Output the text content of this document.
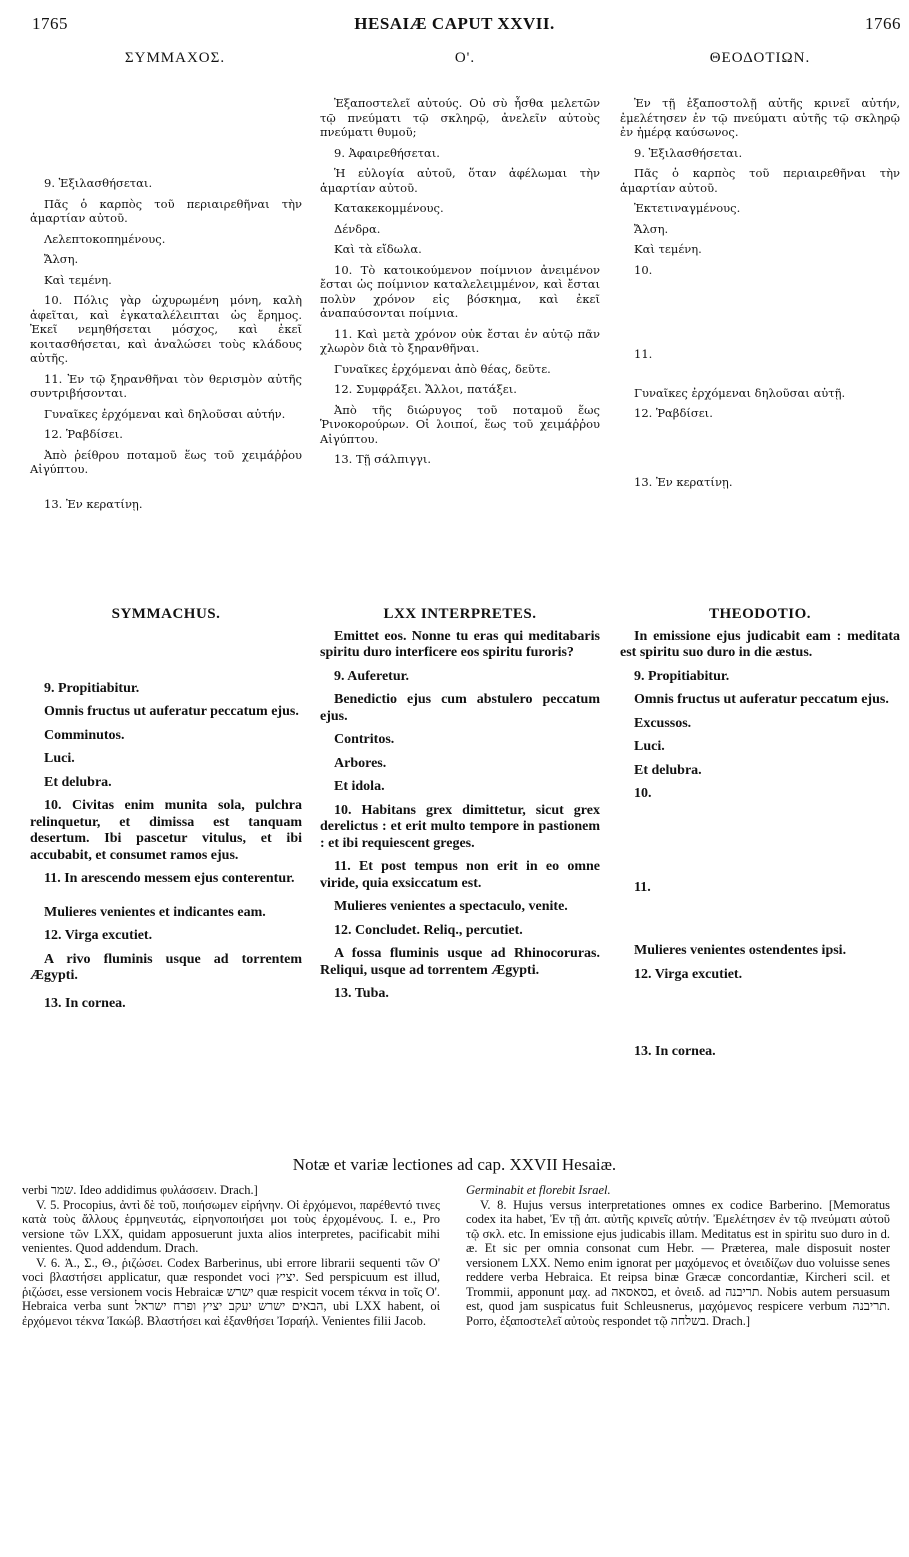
1765	HESAIÆ CAPUT XXVII.	1766
ΣΥΜΜΑΧΟΣ.	Ο'.	ΘΕΟΔΟΤΙΩΝ.

9. Ἐξιλασθήσεται.

Πᾶς ὁ καρπὸς τοῦ περιαιρεθῆναι τὴν ἁμαρτίαν αὐτοῦ.

Λελεπτοκοπημένους.

Ἄλση.

Καὶ τεμένη.

10. Πόλις γὰρ ὠχυρωμένη μόνη, καλὴ ἀφεῖται, καὶ ἐγκαταλέλειπται ὡς ἔρημος. Ἐκεῖ νεμηθήσεται μόσχος, καὶ ἐκεῖ κοιτασθήσεται, καὶ ἀναλώσει τοὺς κλάδους αὐτῆς.

11. Ἐν τῷ ξηρανθῆναι τὸν θερισμὸν αὐτῆς συντριβήσονται.

Γυναῖκες ἐρχόμεναι καὶ δηλοῦσαι αὐτήν.

12. Ῥαβδίσει.

Ἀπὸ ῥείθρου ποταμοῦ ἕως τοῦ χειμάῤῥου Αἰγύπτου.

13. Ἐν κερατίνῃ.

Ἐξαποστελεῖ αὐτούς. Οὐ σὺ ἦσθα μελετῶν τῷ πνεύματι τῷ σκληρῷ, ἀνελεῖν αὐτοὺς πνεύματι θυμοῦ;

9. Ἀφαιρεθήσεται.

Ἡ εὐλογία αὐτοῦ, ὅταν ἀφέλωμαι τὴν ἁμαρτίαν αὐτοῦ.

Κατακεκομμένους.

Δένδρα.

Καὶ τὰ εἴδωλα.

10. Τὸ κατοικούμενον ποίμνιον ἀνειμένον ἔσται ὡς ποίμνιον καταλελειμμένον, καὶ ἔσται πολὺν χρόνον εἰς βόσκημα, καὶ ἐκεῖ ἀναπαύσονται ποίμνια.

11. Καὶ μετὰ χρόνον οὐκ ἔσται ἐν αὐτῷ πᾶν χλωρὸν διὰ τὸ ξηρανθῆναι.

Γυναῖκες ἐρχόμεναι ἀπὸ θέας, δεῦτε.

12. Συμφράξει. Ἄλλοι, πατάξει.

Ἀπὸ τῆς διώρυγος τοῦ ποταμοῦ ἕως Ῥινοκορούρων. Οἱ λοιποί, ἕως τοῦ χειμάῤῥου Αἰγύπτου.

13. Τῇ σάλπιγγι.

Ἐν τῇ ἐξαποστολῇ αὐτῆς κρινεῖ αὐτήν, ἐμελέτησεν ἐν τῷ πνεύματι αὐτῆς τῷ σκληρῷ ἐν ἡμέρᾳ καύσωνος.

9. Ἐξιλασθήσεται.

Πᾶς ὁ καρπὸς τοῦ περιαιρεθῆναι τὴν ἁμαρτίαν αὐτοῦ.

Ἐκτετιναγμένους.

Ἄλση.

Καὶ τεμένη.

10.

11.

Γυναῖκες ἐρχόμεναι δηλοῦσαι αὐτῇ.

12. Ῥαβδίσει.

13. Ἐν κερατίνῃ.

SYMMACHUS.

9. Propitiabitur.

Omnis fructus ut auferatur peccatum ejus.

Comminutos.

Luci.

Et delubra.

10. Civitas enim munita sola, pulchra relinquetur, et dimissa est tanquam desertum. Ibi pascetur vitulus, et ibi accubabit, et consumet ramos ejus.

11. In arescendo messem ejus conterentur.

Mulieres venientes et indicantes eam.

12. Virga excutiet.

A rivo fluminis usque ad torrentem Ægypti.

13. In cornea.

LXX INTERPRETES.

Emittet eos. Nonne tu eras qui meditabaris spiritu duro interficere eos spiritu furoris?

9. Auferetur.

Benedictio ejus cum abstulero peccatum ejus.

Contritos.

Arbores.

Et idola.

10. Habitans grex dimittetur, sicut grex derelictus : et erit multo tempore in pastionem : et ibi requiescent greges.

11. Et post tempus non erit in eo omne viride, quia exsiccatum est.

Mulieres venientes a spectaculo, venite.

12. Concludet. Reliq., percutiet.

A fossa fluminis usque ad Rhinocoruras. Reliqui, usque ad torrentem Ægypti.

13. Tuba.

THEODOTIO.

In emissione ejus judicabit eam : meditata est spiritu suo duro in die æstus.

9. Propitiabitur.

Omnis fructus ut auferatur peccatum ejus.

Excussos.

Luci.

Et delubra.

10.

11.

Mulieres venientes ostendentes ipsi.

12. Virga excutiet.

13. In cornea.

Notæ et variæ lectiones ad cap. XXVII Hesaiæ.

verbi שמר. Ideo addidimus φυλάσσειν. Drach.]

V. 5. Procopius, ἀντὶ δὲ τοῦ, ποιήσωμεν εἰρήνην. Οἱ ἐρχόμενοι, παρέθεντό τινες κατὰ τοὺς ἄλλους ἑρμηνευτάς, εἰρηνοποιήσει μοι τοὺς ἐρχομένους. I. e., Pro versione τῶν LXX, quidam apposuerunt juxta alios interpretes, pacificabit mihi venientes. Quod addendum. Drach.

V. 6. Ἀ., Σ., Θ., ῥιζώσει. Codex Barberinus, ubi errore librarii sequenti τῶν Ο' voci βλαστήσει applicatur, quæ respondet voci יציץ. Sed perspicuum est illud, ῥιζώσει, esse versionem vocis Hebraicæ ישרש quæ respicit vocem τέκνα in τοῖς Ο'. Hebraica verba sunt הבאים ישרש יעקב יציץ ופרח ישראל, ubi LXX habent, οἱ ἐρχόμενοι τέκνα Ἰακώβ. Βλαστήσει καὶ ἐξανθήσει Ἰσραήλ. Venientes filii Jacob.

Germinabit et florebit Israel.

V. 8. Hujus versus interpretationes omnes ex codice Barberino. [Memoratus codex ita habet, Ἐν τῇ ἀπ. αὐτῆς κρινεῖς αὐτήν. Ἐμελέτησεν ἐν τῷ πνεύματι αὐτοῦ τῷ σκλ. etc. In emissione ejus judicabis illam. Meditatus est in spiritu suo duro in d. æ. Et sic per omnia consonat cum Hebr. — Præterea, male disposuit noster versionem LXX. Nemo enim ignorat per μαχόμενος et ὀνειδίζων duo voluisse senes reddere verba Hebraica. Et reipsa binæ Græcæ concordantiæ, Kircheri scil. et Trommii, apponunt μαχ. ad בסאסאה, et ὀνειδ. ad תריבנה. Nobis autem persuasum est, quod jam suspicatus fuit Schleusnerus, μαχόμενος respicere verbum תריבנה. Porro, ἐξαποστελεῖ αὐτοὺς respondet τῷ בשלחה. Drach.]
